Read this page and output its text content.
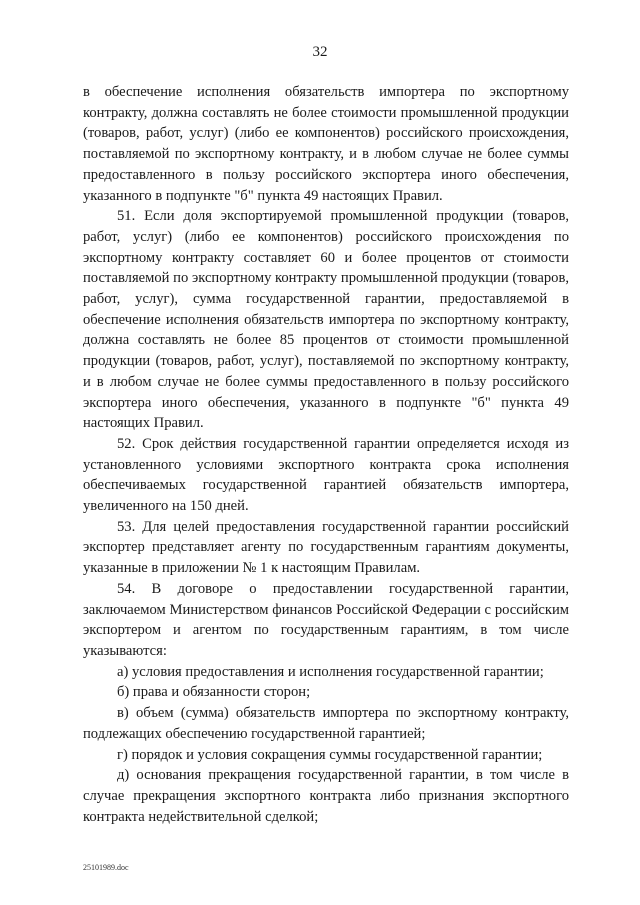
32

в обеспечение исполнения обязательств импортера по экспортному контракту, должна составлять не более стоимости промышленной продукции (товаров, работ, услуг) (либо ее компонентов) российского происхождения, поставляемой по экспортному контракту, и в любом случае не более суммы предоставленного в пользу российского экспортера иного обеспечения, указанного в подпункте "б" пункта 49 настоящих Правил.

51. Если доля экспортируемой промышленной продукции (товаров, работ, услуг) (либо ее компонентов) российского происхождения по экспортному контракту составляет 60 и более процентов от стоимости поставляемой по экспортному контракту промышленной продукции (товаров, работ, услуг), сумма государственной гарантии, предоставляемой в обеспечение исполнения обязательств импортера по экспортному контракту, должна составлять не более 85 процентов от стоимости промышленной продукции (товаров, работ, услуг), поставляемой по экспортному контракту, и в любом случае не более суммы предоставленного в пользу российского экспортера иного обеспечения, указанного в подпункте "б" пункта 49 настоящих Правил.

52. Срок действия государственной гарантии определяется исходя из установленного условиями экспортного контракта срока исполнения обеспечиваемых государственной гарантией обязательств импортера, увеличенного на 150 дней.

53. Для целей предоставления государственной гарантии российский экспортер представляет агенту по государственным гарантиям документы, указанные в приложении № 1 к настоящим Правилам.

54. В договоре о предоставлении государственной гарантии, заключаемом Министерством финансов Российской Федерации с российским экспортером и агентом по государственным гарантиям, в том числе указываются:

а) условия предоставления и исполнения государственной гарантии;

б) права и обязанности сторон;

в) объем (сумма) обязательств импортера по экспортному контракту, подлежащих обеспечению государственной гарантией;

г) порядок и условия сокращения суммы государственной гарантии;

д) основания прекращения государственной гарантии, в том числе в случае прекращения экспортного контракта либо признания экспортного контракта недействительной сделкой;

25101989.doc
